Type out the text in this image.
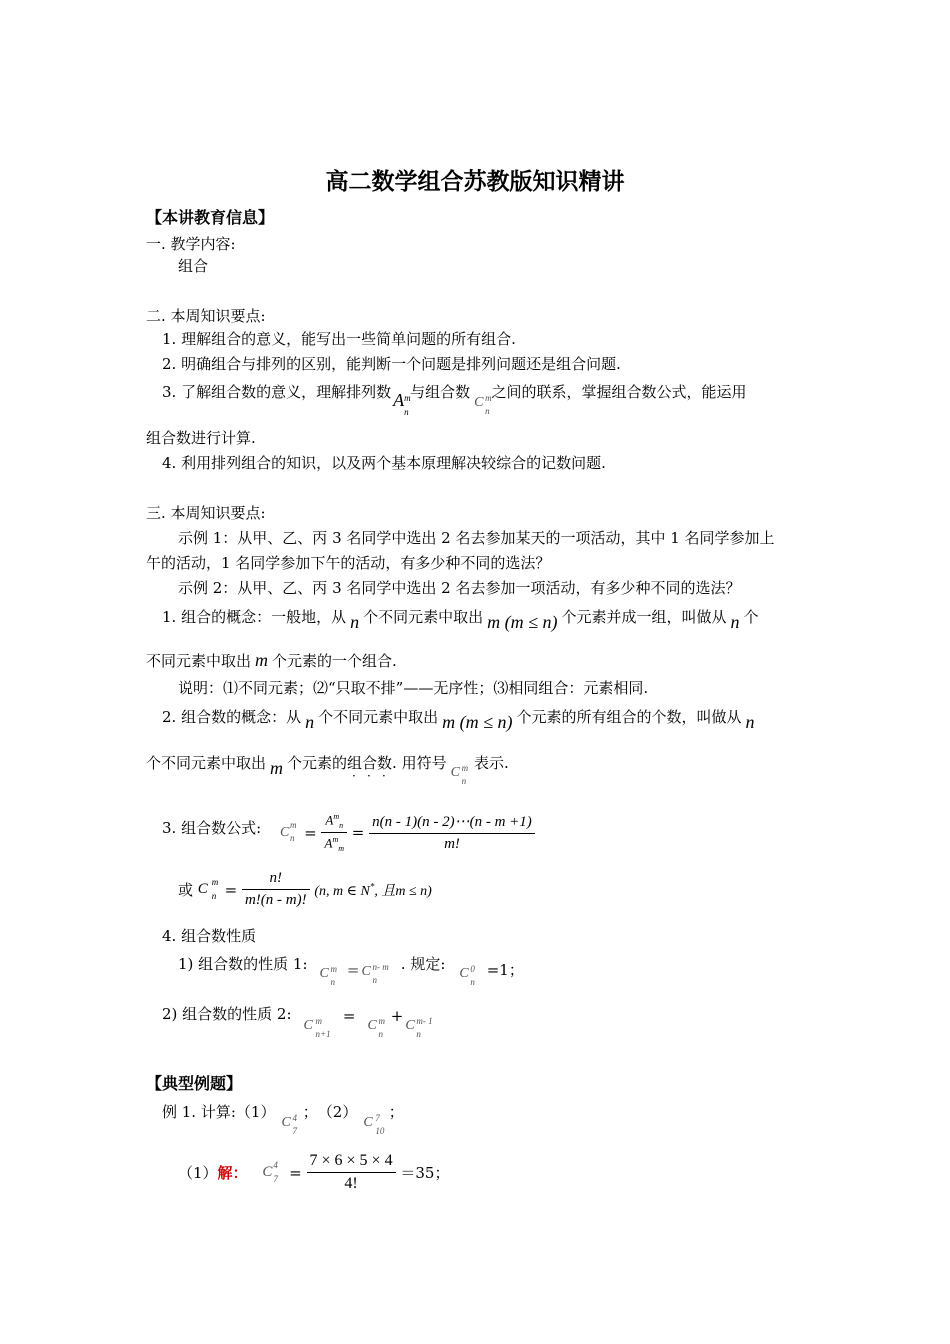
高二数学组合苏教版知识精讲
【本讲教育信息】
一. 教学内容:
组合
二. 本周知识要点:
1. 理解组合的意义，能写出一些简单问题的所有组合.
2. 明确组合与排列的区别，能判断一个问题是排列问题还是组合问题.
3. 了解组合数的意义，理解排列数 A m
n
与组合数C m
n
之间的联系，掌握组合数公式，能运用
组合数进行计算.
4. 利用排列组合的知识，以及两个基本原理解决较综合的记数问题.
三. 本周知识要点:
示例 1：从甲、乙、丙 3 名同学中选出 2 名去参加某天的一项活动，其中 1 名同学参加上
午的活动，1 名同学参加下午的活动，有多少种不同的选法？
示例 2：从甲、乙、丙 3 名同学中选出 2 名去参加一项活动，有多少种不同的选法？
1. 组合的概念：一般地，从 n 个不同元素中取出 m (m ≤ n) 个元素并成一组，叫做从 n 个
不同元素中取出 m 个元素的一个组合.
说明：⑴不同元素；⑵“只取不排”——无序性；⑶相同组合：元素相同.
2. 组合数的概念：从 n 个不同元素中取出 m (m ≤ n) 个元素的所有组合的个数，叫做从 n
个不同元素中取出 m 个元素的组合数
· · ·
. 用符号C m
n
表示.
3. 组合数公式: C m
$n = \frac{A^m_n}{A^m_m} = \frac{n(n - 1)(n - 2)\cdots(n - m +1)}{m!}$
或 C m
$n = \frac{n!}{m!(n - m)!} (n$, m ∈ N*, 且m ≤ n)
4. 组合数性质
1) 组合数的性质 1:C m
n
= C n- m
n
. 规定:C 0
n
=1；
2) 组合数的性质 2:C m
n+1
=C m
n
+C m- 1
n
【典型例题】
例 1. 计算:（1）C 4
7
；　（2）C 7
10
；
（1）解： C 4
$7 = \frac{7 \times 6 \times 5 \times 4}{4!} =35$；
